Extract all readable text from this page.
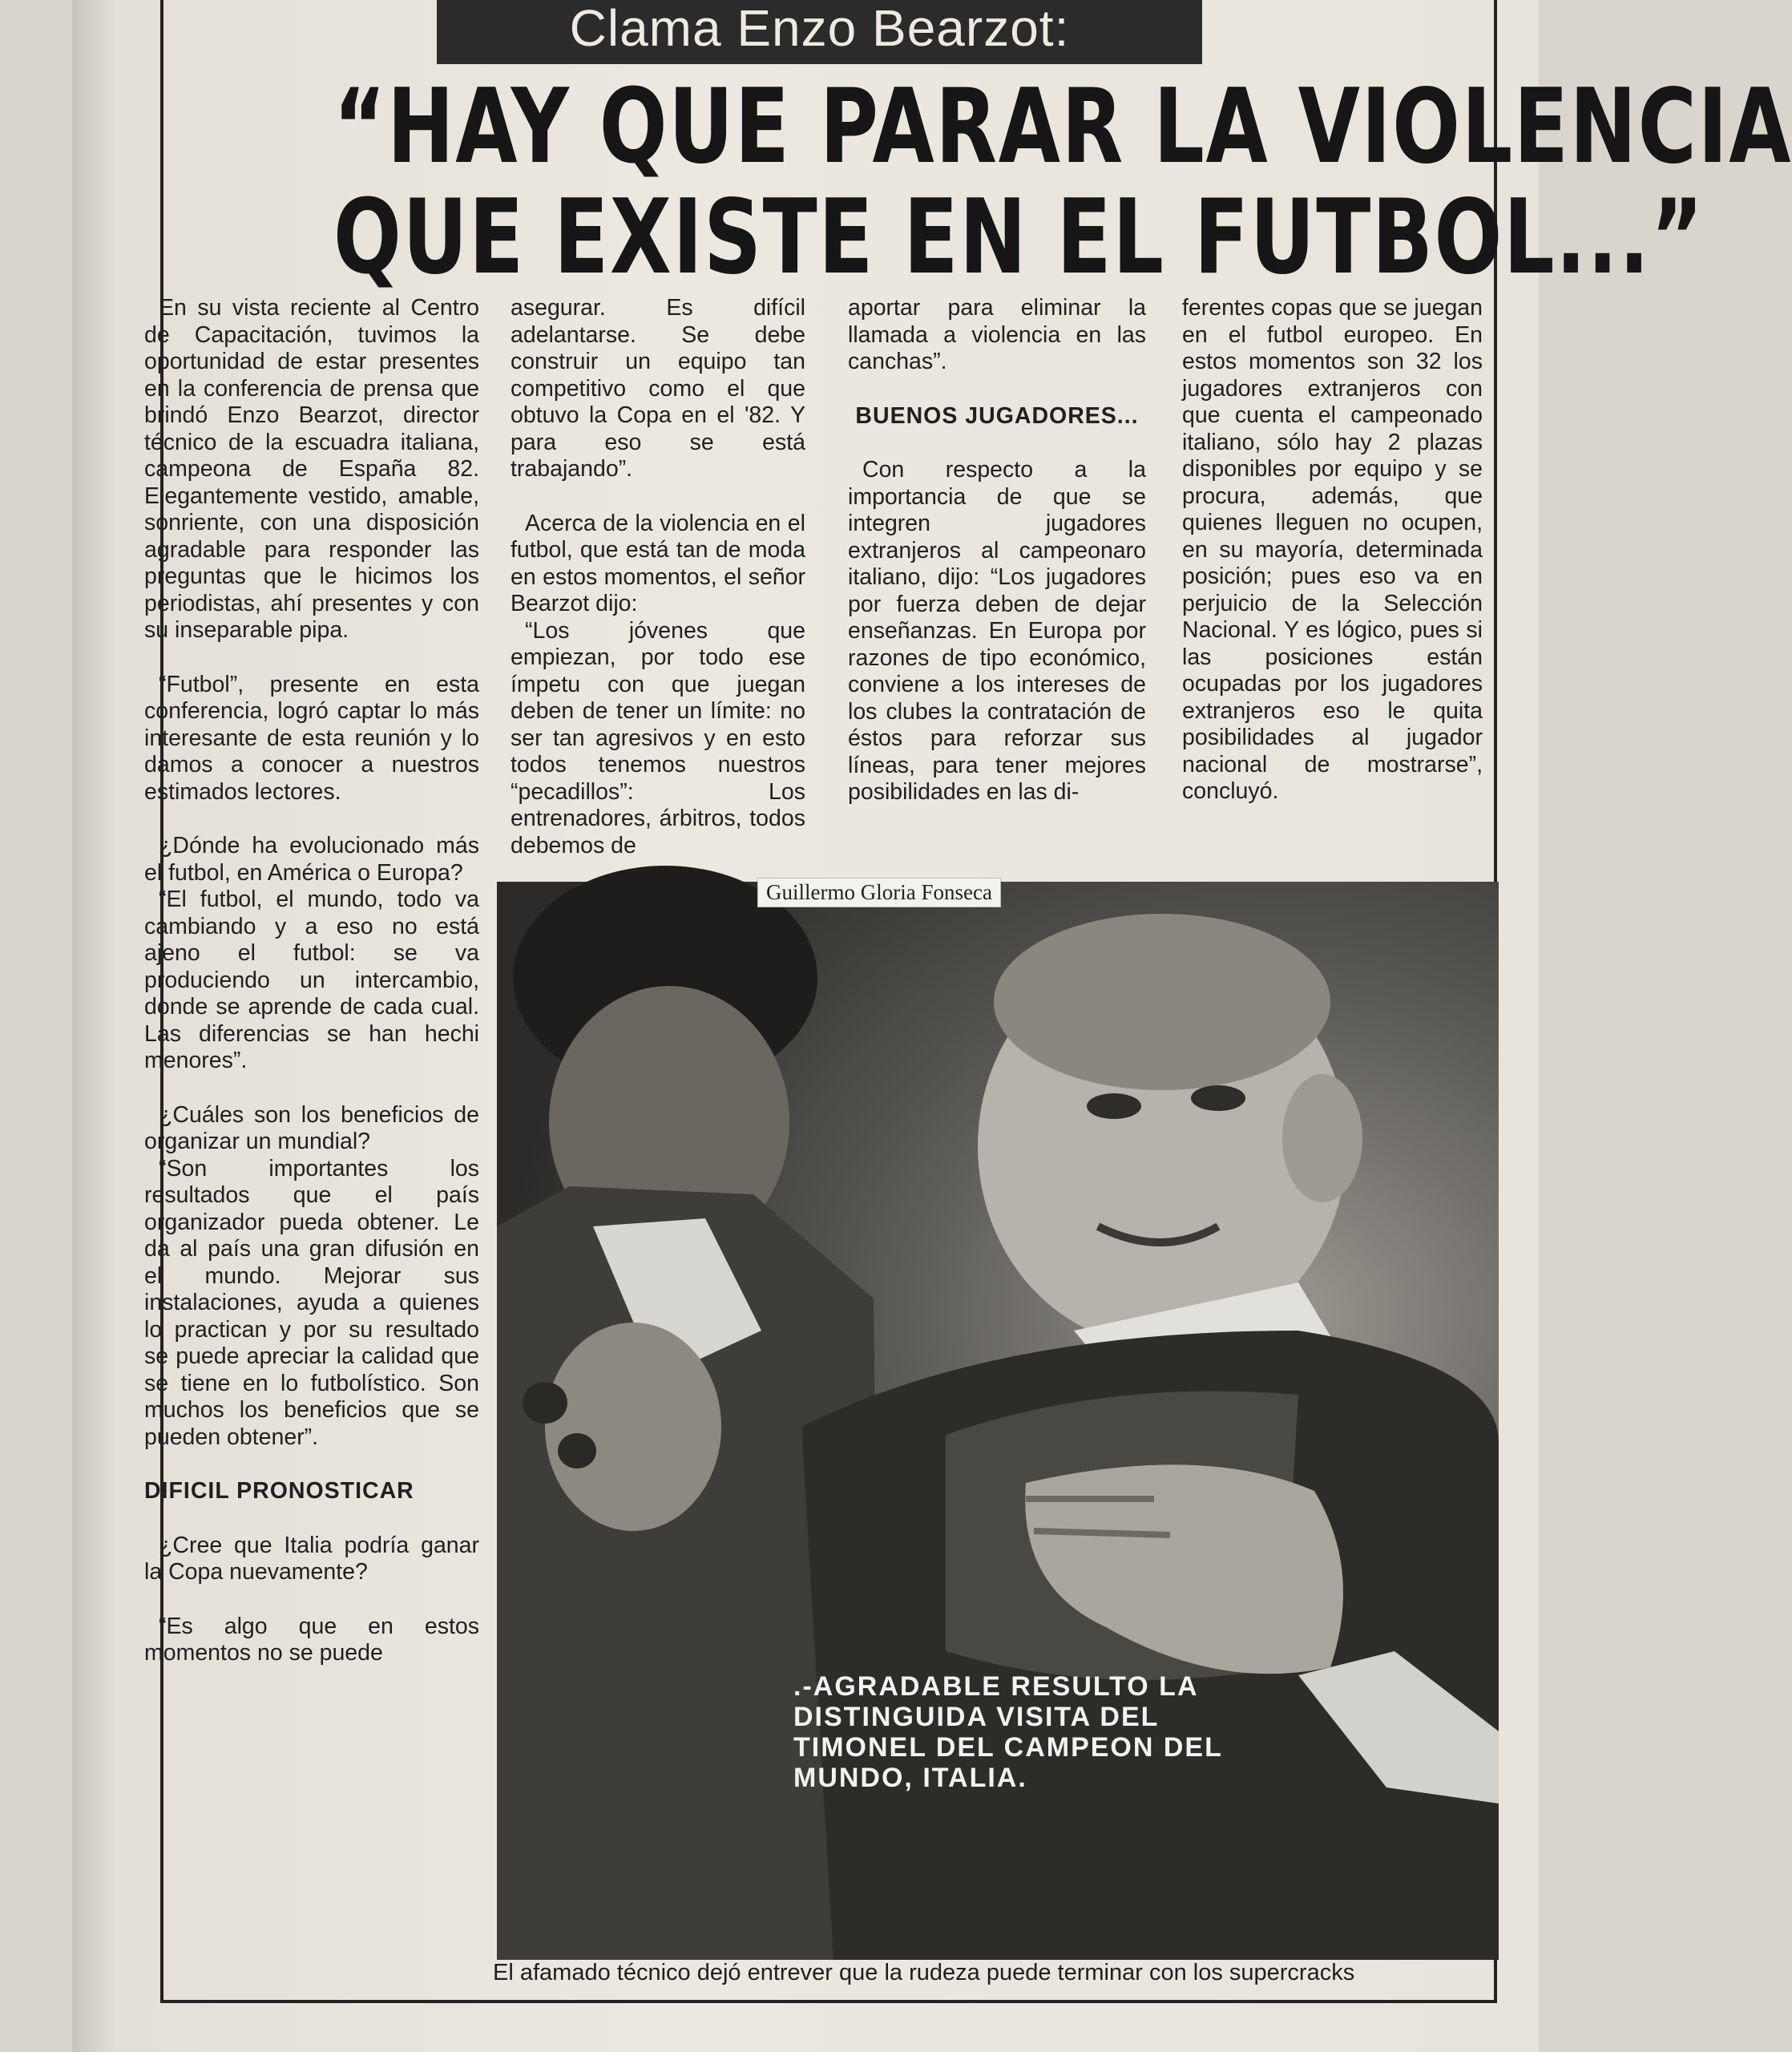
Clama Enzo Bearzot:
“HAY QUE PARAR LA VIOLENCIA
QUE EXISTE EN EL FUTBOL...”

En su vista reciente al Centro de Capacitación, tuvimos la oportunidad de estar presentes en la conferencia de prensa que brindó Enzo Bearzot, director técnico de la escuadra italiana, campeona de España 82. Elegantemente vestido, amable, sonriente, con una disposición agradable para responder las preguntas que le hicimos los periodistas, ahí presentes y con su inseparable pipa.

“Futbol”, presente en esta conferencia, logró captar lo más interesante de esta reunión y lo damos a conocer a nuestros estimados lectores.

¿Dónde ha evolucionado más el futbol, en América o Europa?

“El futbol, el mundo, todo va cambiando y a eso no está ajeno el futbol: se va produciendo un intercambio, donde se aprende de cada cual. Las diferencias se han hechi menores”.

¿Cuáles son los beneficios de organizar un mundial?

“Son importantes los resultados que el país organizador pueda obtener. Le da al país una gran difusión en el mundo. Mejorar sus instalaciones, ayuda a quienes lo practican y por su resultado se puede apreciar la calidad que se tiene en lo futbolístico. Son muchos los beneficios que se pueden obtener”.

DIFICIL PRONOSTICAR

¿Cree que Italia podría ganar la Copa nuevamente?

“Es algo que en estos momentos no se puede

asegurar. Es difícil adelantarse. Se debe construir un equipo tan competitivo como el que obtuvo la Copa en el '82. Y para eso se está trabajando”.

Acerca de la violencia en el futbol, que está tan de moda en estos momentos, el señor Bearzot dijo:

“Los jóvenes que empiezan, por todo ese ímpetu con que juegan deben de tener un límite: no ser tan agresivos y en esto todos tenemos nuestros “pecadillos”: Los entrenadores, árbitros, todos debemos de

aportar para eliminar la llamada a violencia en las canchas”.

BUENOS JUGADORES...

Con respecto a la importancia de que se integren jugadores extranjeros al campeonaro italiano, dijo: “Los jugadores por fuerza deben de dejar enseñanzas. En Europa por razones de tipo económico, conviene a los intereses de los clubes la contratación de éstos para reforzar sus líneas, para tener mejores posibilidades en las di-

ferentes copas que se juegan en el futbol europeo. En estos momentos son 32 los jugadores extranjeros con que cuenta el campeonado italiano, sólo hay 2 plazas disponibles por equipo y se procura, además, que quienes lleguen no ocupen, en su mayoría, determinada posición; pues eso va en perjuicio de la Selección Nacional. Y es lógico, pues si las posiciones están ocupadas por los jugadores extranjeros eso le quita posibilidades al jugador nacional de mostrarse”, concluyó.

Guillermo Gloria Fonseca
.-AGRADABLE RESULTO LA DISTINGUIDA VISITA DEL TIMONEL DEL CAMPEON DEL MUNDO, ITALIA.
El afamado técnico dejó entrever que la rudeza puede terminar con los supercracks
